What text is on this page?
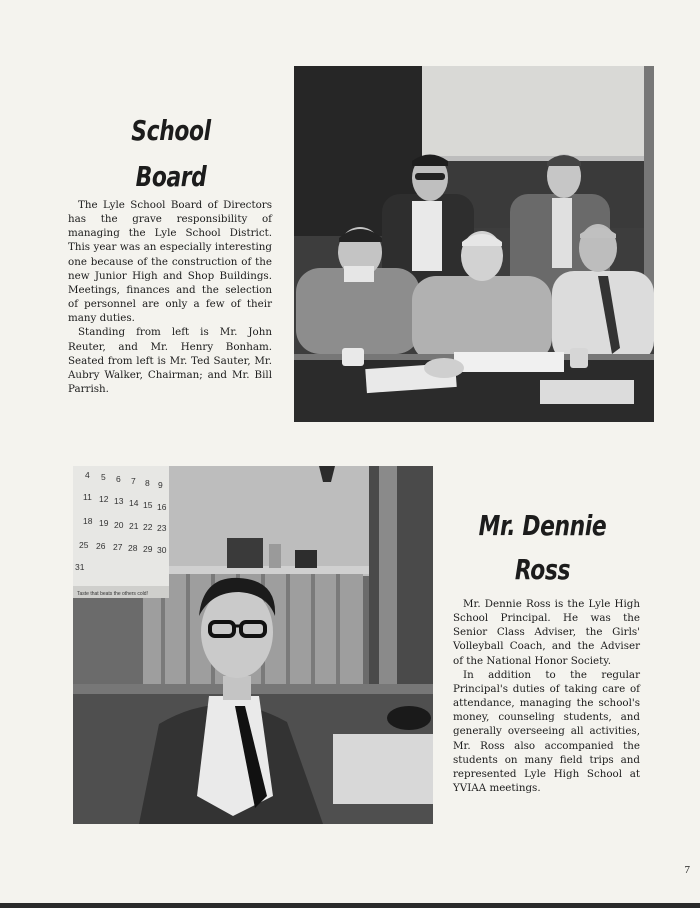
School
Board

The Lyle School Board of Directors has the grave responsibility of managing the Lyle School District. This year was an especially interesting one because of the construction of the new Junior High and Shop Buildings. Meetings, finances and the selection of personnel are only a few of their many duties.

Standing from left is Mr. John Reuter, and Mr. Henry Bonham. Seated from left is Mr. Ted Sauter, Mr. Aubry Walker, Chairman; and Mr. Bill Parrish.

4 5 6 7 8 9
11 12 13 14 15 16
18 19 20 21 22 23
25 26 27 28 29 30
31
Taste that beats the others cold!
Mr. Dennie
Ross

Mr. Dennie Ross is the Lyle High School Principal. He was the Senior Class Adviser, the Girls' Volleyball Coach, and the Adviser of the National Honor Society.

In addition to the regular Principal's duties of taking care of attendance, managing the school's money, counseling students, and generally overseeing all activities, Mr. Ross also accompanied the students on many field trips and represented Lyle High School at YVIAA meetings.

7
